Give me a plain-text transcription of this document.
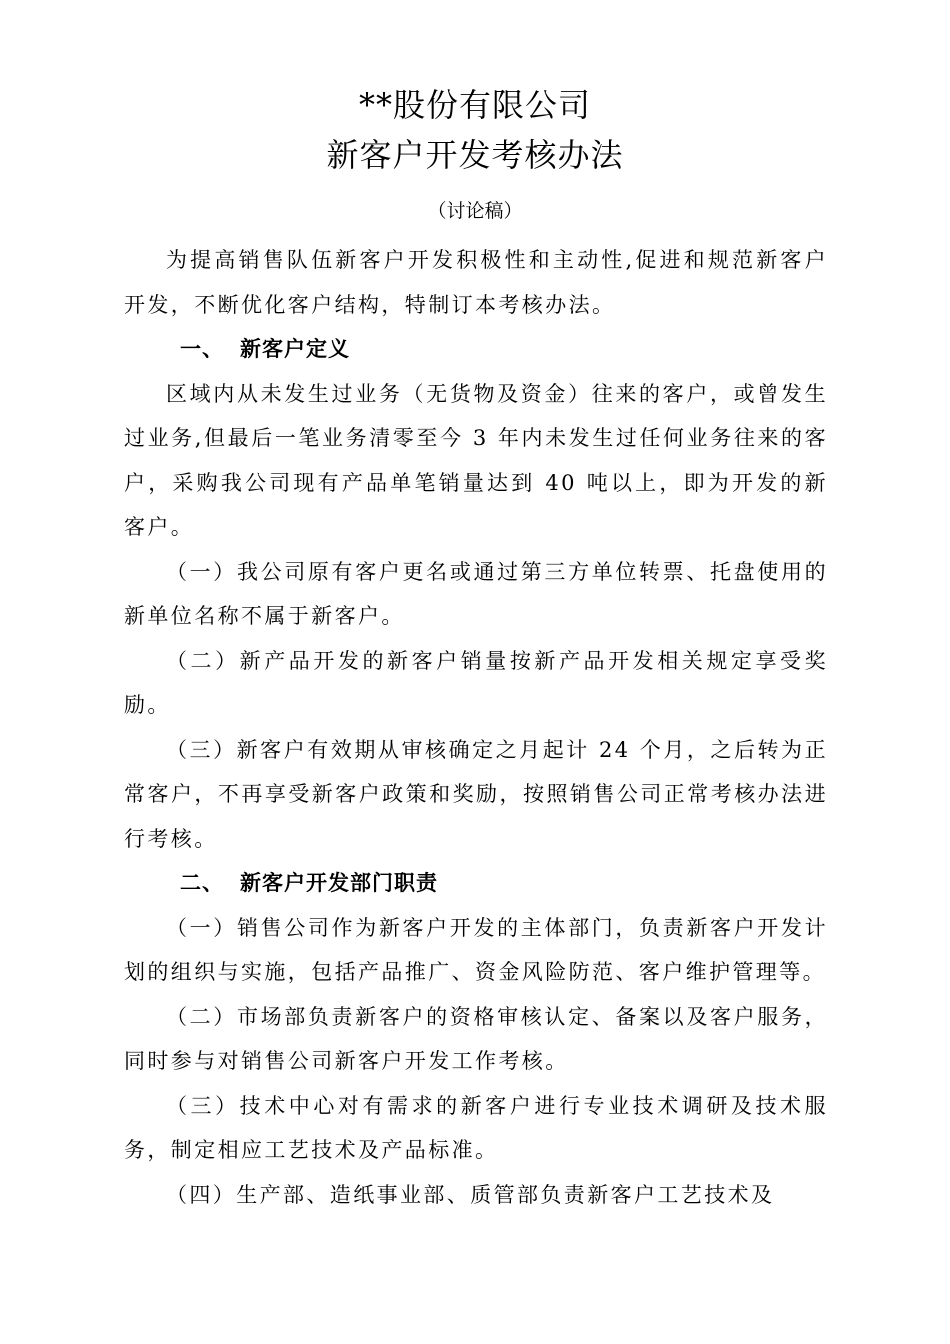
**股份有限公司
新客户开发考核办法
（讨论稿）

为提高销售队伍新客户开发积极性和主动性,促进和规范新客户开发，不断优化客户结构，特制订本考核办法。

一、 新客户定义

区域内从未发生过业务（无货物及资金）往来的客户，或曾发生过业务,但最后一笔业务清零至今 3 年内未发生过任何业务往来的客户，采购我公司现有产品单笔销量达到 40 吨以上，即为开发的新客户。

（一）我公司原有客户更名或通过第三方单位转票、托盘使用的新单位名称不属于新客户。

（二）新产品开发的新客户销量按新产品开发相关规定享受奖励。

（三）新客户有效期从审核确定之月起计 24 个月，之后转为正常客户，不再享受新客户政策和奖励，按照销售公司正常考核办法进行考核。

二、 新客户开发部门职责

（一）销售公司作为新客户开发的主体部门，负责新客户开发计划的组织与实施，包括产品推广、资金风险防范、客户维护管理等。

（二）市场部负责新客户的资格审核认定、备案以及客户服务，同时参与对销售公司新客户开发工作考核。

（三）技术中心对有需求的新客户进行专业技术调研及技术服务，制定相应工艺技术及产品标准。

（四）生产部、造纸事业部、质管部负责新客户工艺技术及
